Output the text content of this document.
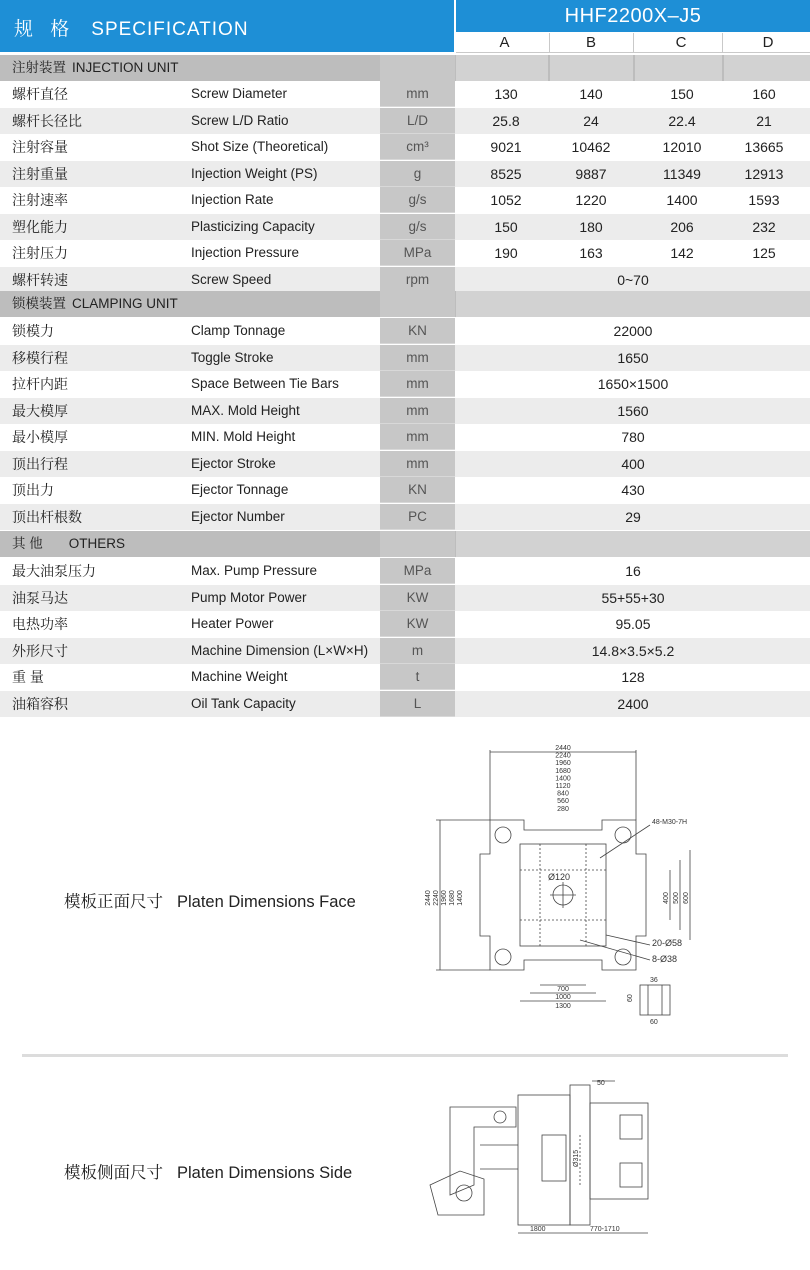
规 格 SPECIFICATION
HHF2200X–J5
A	B	C	D
注射装置 INJECTION UNIT
螺杆直径	Screw Diameter	mm	130	140	150	160
螺杆长径比	Screw L/D Ratio	L/D	25.8	24	22.4	21
注射容量	Shot Size (Theoretical)	cm³	9021	10462	12010	13665
注射重量	Injection Weight (PS)	g	8525	9887	11349	12913
注射速率	Injection Rate	g/s	1052	1220	1400	1593
塑化能力	Plasticizing Capacity	g/s	150	180	206	232
注射压力	Injection Pressure	MPa	190	163	142	125
螺杆转速	Screw Speed	rpm	0~70
锁模装置 CLAMPING UNIT
锁模力	Clamp Tonnage	KN	22000
移模行程	Toggle Stroke	mm	1650
拉杆内距	Space Between Tie Bars	mm	1650×1500
最大模厚	MAX. Mold Height	mm	1560
最小模厚	MIN. Mold Height	mm	780
顶出行程	Ejector Stroke	mm	400
顶出力	Ejector Tonnage	KN	430
顶出杆根数	Ejector Number	PC	29
其 他 OTHERS
最大油泵压力	Max. Pump Pressure	MPa	16
油泵马达	Pump Motor Power	KW	55+55+30
电热功率	Heater Power	KW	95.05
外形尺寸	Machine Dimension (L×W×H)	m	14.8×3.5×5.2
重 量	Machine Weight	t	128
油箱容积	Oil Tank Capacity	L	2400
模板正面尺寸 Platen Dimensions Face
2440
2440	400 500 600
700
1000
1300
48-M30-7H
Ø120
20-Ø58
8-Ø38
36
60
60
2240
1960
1680
1400
1120
840
560
280
2240 1960 1680 1400
模板侧面尺寸 Platen Dimensions Side
50
Ø315
1800	770-1710
